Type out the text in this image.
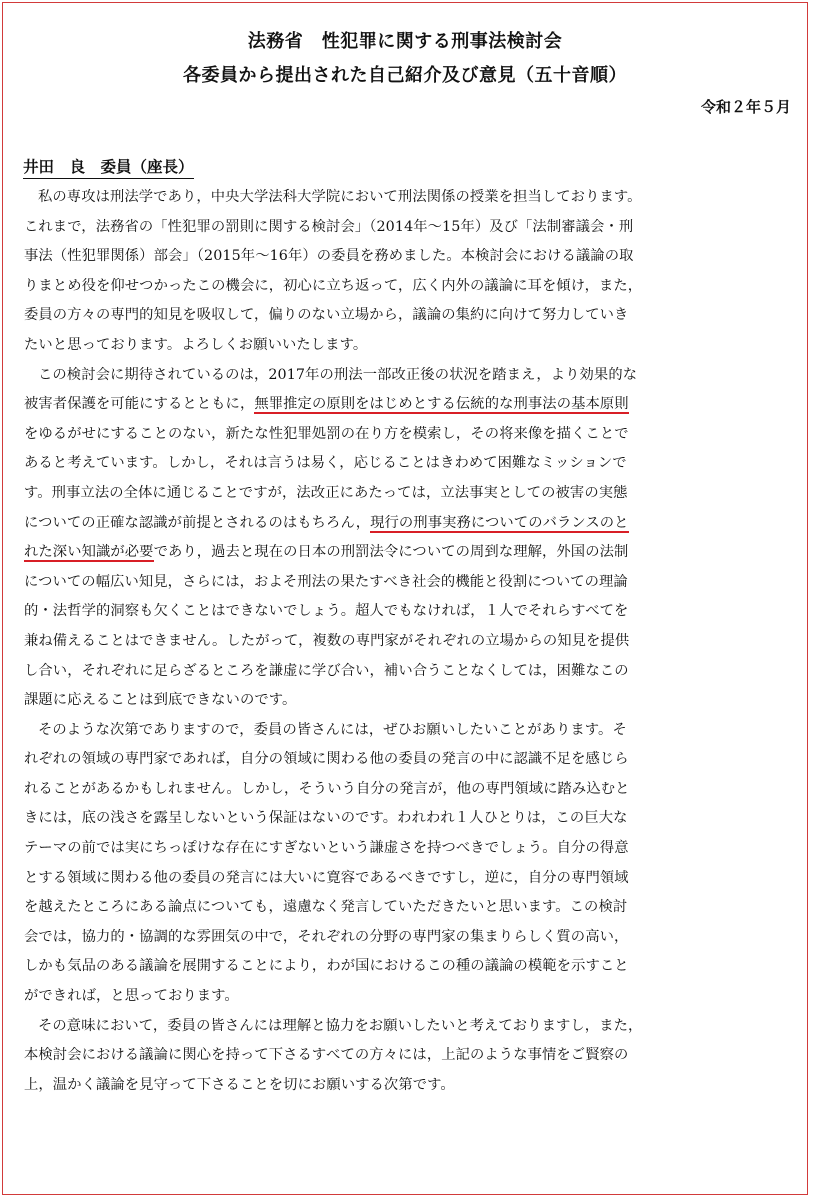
法務省　性犯罪に関する刑事法検討会
各委員から提出された自己紹介及び意見（五十音順）
令和２年５月
井田　良　委員（座長）
私の専攻は刑法学であり，中央大学法科大学院において刑法関係の授業を担当しております。
これまで，法務省の「性犯罪の罰則に関する検討会」（2014年～15年）及び「法制審議会・刑
事法（性犯罪関係）部会」（2015年～16年）の委員を務めました。本検討会における議論の取
りまとめ役を仰せつかったこの機会に，初心に立ち返って，広く内外の議論に耳を傾け，また，
委員の方々の専門的知見を吸収して，偏りのない立場から，議論の集約に向けて努力していき
たいと思っております。よろしくお願いいたします。
この検討会に期待されているのは，2017年の刑法一部改正後の状況を踏まえ，より効果的な
被害者保護を可能にするとともに，無罪推定の原則をはじめとする伝統的な刑事法の基本原則
をゆるがせにすることのない，新たな性犯罪処罰の在り方を模索し，その将来像を描くことで
あると考えています。しかし，それは言うは易く，応じることはきわめて困難なミッションで
す。刑事立法の全体に通じることですが，法改正にあたっては，立法事実としての被害の実態
についての正確な認識が前提とされるのはもちろん，現行の刑事実務についてのバランスのと
れた深い知識が必要であり，過去と現在の日本の刑罰法令についての周到な理解，外国の法制
についての幅広い知見，さらには，およそ刑法の果たすべき社会的機能と役割についての理論
的・法哲学的洞察も欠くことはできないでしょう。超人でもなければ，１人でそれらすべてを
兼ね備えることはできません。したがって，複数の専門家がそれぞれの立場からの知見を提供
し合い，それぞれに足らざるところを謙虚に学び合い，補い合うことなくしては，困難なこの
課題に応えることは到底できないのです。
そのような次第でありますので，委員の皆さんには，ぜひお願いしたいことがあります。そ
れぞれの領域の専門家であれば，自分の領域に関わる他の委員の発言の中に認識不足を感じら
れることがあるかもしれません。しかし，そういう自分の発言が，他の専門領域に踏み込むと
きには，底の浅さを露呈しないという保証はないのです。われわれ１人ひとりは，この巨大な
テーマの前では実にちっぽけな存在にすぎないという謙虚さを持つべきでしょう。自分の得意
とする領域に関わる他の委員の発言には大いに寛容であるべきですし，逆に，自分の専門領域
を越えたところにある論点についても，遠慮なく発言していただきたいと思います。この検討
会では，協力的・協調的な雰囲気の中で，それぞれの分野の専門家の集まりらしく質の高い，
しかも気品のある議論を展開することにより，わが国におけるこの種の議論の模範を示すこと
ができれば，と思っております。
その意味において，委員の皆さんには理解と協力をお願いしたいと考えておりますし，また，
本検討会における議論に関心を持って下さるすべての方々には，上記のような事情をご賢察の
上，温かく議論を見守って下さることを切にお願いする次第です。
